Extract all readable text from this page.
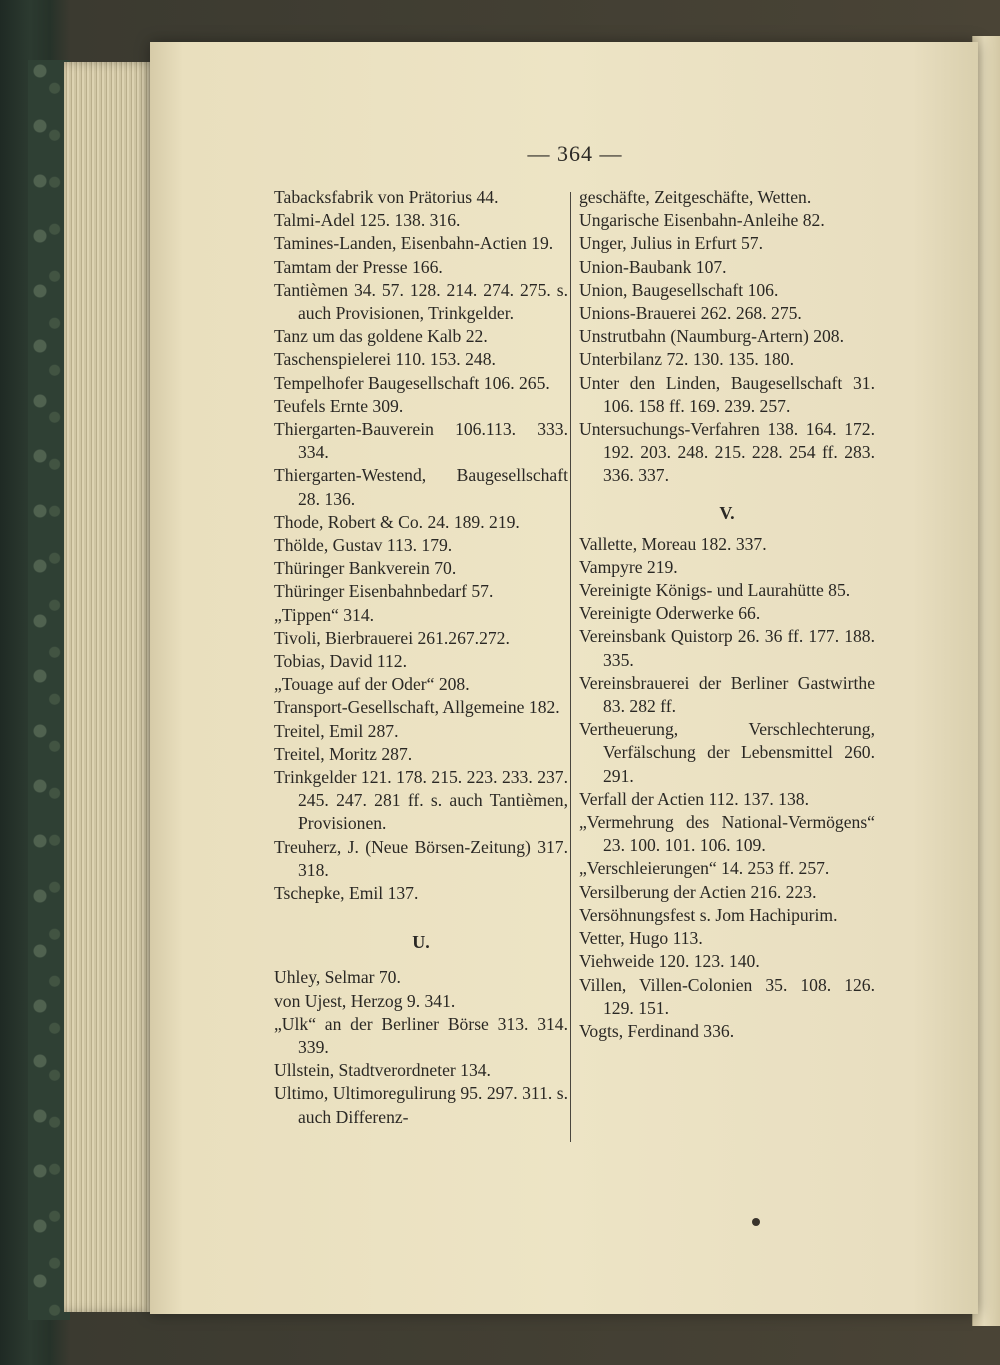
— 364 —

Tabacksfabrik von Prätorius 44.

Talmi-Adel 125. 138. 316.

Tamines-Landen, Eisenbahn-Actien 19.

Tamtam der Presse 166.

Tantièmen 34. 57. 128. 214. 274. 275. s. auch Provisionen, Trinkgelder.

Tanz um das goldene Kalb 22.

Taschenspielerei 110. 153. 248.

Tempelhofer Baugesellschaft 106. 265.

Teufels Ernte 309.

Thiergarten-Bauverein 106.113. 333. 334.

Thiergarten-Westend, Baugesellschaft 28. 136.

Thode, Robert & Co. 24. 189. 219.

Thölde, Gustav 113. 179.

Thüringer Bankverein 70.

Thüringer Eisenbahnbedarf 57.

„Tippen“ 314.

Tivoli, Bierbrauerei 261.267.272.

Tobias, David 112.

„Touage auf der Oder“ 208.

Transport-Gesellschaft, Allgemeine 182.

Treitel, Emil 287.

Treitel, Moritz 287.

Trinkgelder 121. 178. 215. 223. 233. 237. 245. 247. 281 ff. s. auch Tantièmen, Provisionen.

Treuherz, J. (Neue Börsen-Zeitung) 317. 318.

Tschepke, Emil 137.

U.

Uhley, Selmar 70.

von Ujest, Herzog 9. 341.

„Ulk“ an der Berliner Börse 313. 314. 339.

Ullstein, Stadtverordneter 134.

Ultimo, Ultimoregulirung 95. 297. 311. s. auch Differenz-

geschäfte, Zeitgeschäfte, Wetten.

Ungarische Eisenbahn-Anleihe 82.

Unger, Julius in Erfurt 57.

Union-Baubank 107.

Union, Baugesellschaft 106.

Unions-Brauerei 262. 268. 275.

Unstrutbahn (Naumburg-Artern) 208.

Unterbilanz 72. 130. 135. 180.

Unter den Linden, Baugesellschaft 31. 106. 158 ff. 169. 239. 257.

Untersuchungs-Verfahren 138. 164. 172. 192. 203. 248. 215. 228. 254 ff. 283. 336. 337.

V.

Vallette, Moreau 182. 337.

Vampyre 219.

Vereinigte Königs- und Laurahütte 85.

Vereinigte Oderwerke 66.

Vereinsbank Quistorp 26. 36 ff. 177. 188. 335.

Vereinsbrauerei der Berliner Gastwirthe 83. 282 ff.

Vertheuerung, Verschlechterung, Verfälschung der Lebensmittel 260. 291.

Verfall der Actien 112. 137. 138.

„Vermehrung des National-Vermögens“ 23. 100. 101. 106. 109.

„Verschleierungen“ 14. 253 ff. 257.

Versilberung der Actien 216. 223.

Versöhnungsfest s. Jom Hachipurim.

Vetter, Hugo 113.

Viehweide 120. 123. 140.

Villen, Villen-Colonien 35. 108. 126. 129. 151.

Vogts, Ferdinand 336.
